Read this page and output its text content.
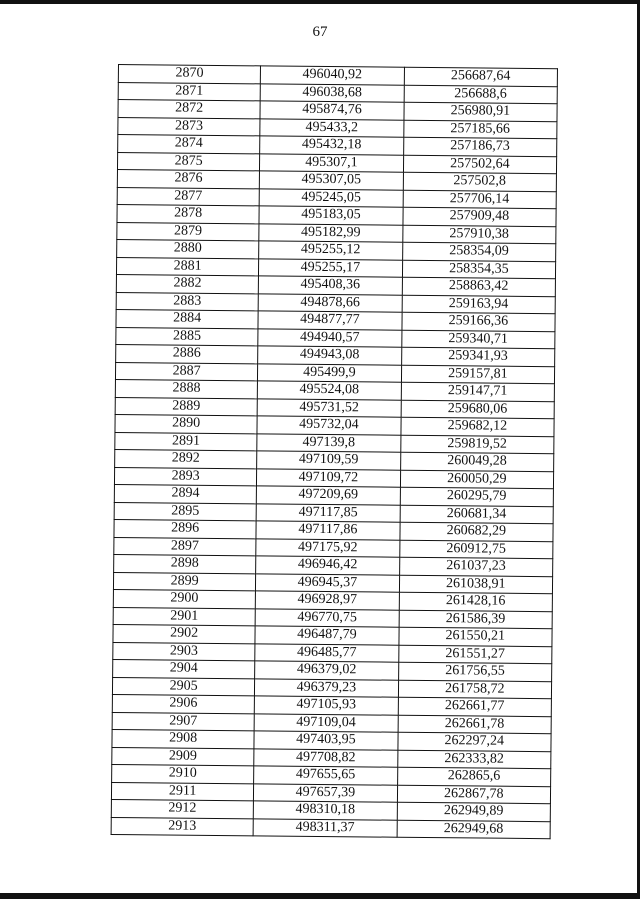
67
2870	496040,92	256687,64
2871	496038,68	256688,6
2872	495874,76	256980,91
2873	495433,2	257185,66
2874	495432,18	257186,73
2875	495307,1	257502,64
2876	495307,05	257502,8
2877	495245,05	257706,14
2878	495183,05	257909,48
2879	495182,99	257910,38
2880	495255,12	258354,09
2881	495255,17	258354,35
2882	495408,36	258863,42
2883	494878,66	259163,94
2884	494877,77	259166,36
2885	494940,57	259340,71
2886	494943,08	259341,93
2887	495499,9	259157,81
2888	495524,08	259147,71
2889	495731,52	259680,06
2890	495732,04	259682,12
2891	497139,8	259819,52
2892	497109,59	260049,28
2893	497109,72	260050,29
2894	497209,69	260295,79
2895	497117,85	260681,34
2896	497117,86	260682,29
2897	497175,92	260912,75
2898	496946,42	261037,23
2899	496945,37	261038,91
2900	496928,97	261428,16
2901	496770,75	261586,39
2902	496487,79	261550,21
2903	496485,77	261551,27
2904	496379,02	261756,55
2905	496379,23	261758,72
2906	497105,93	262661,77
2907	497109,04	262661,78
2908	497403,95	262297,24
2909	497708,82	262333,82
2910	497655,65	262865,6
2911	497657,39	262867,78
2912	498310,18	262949,89
2913	498311,37	262949,68
